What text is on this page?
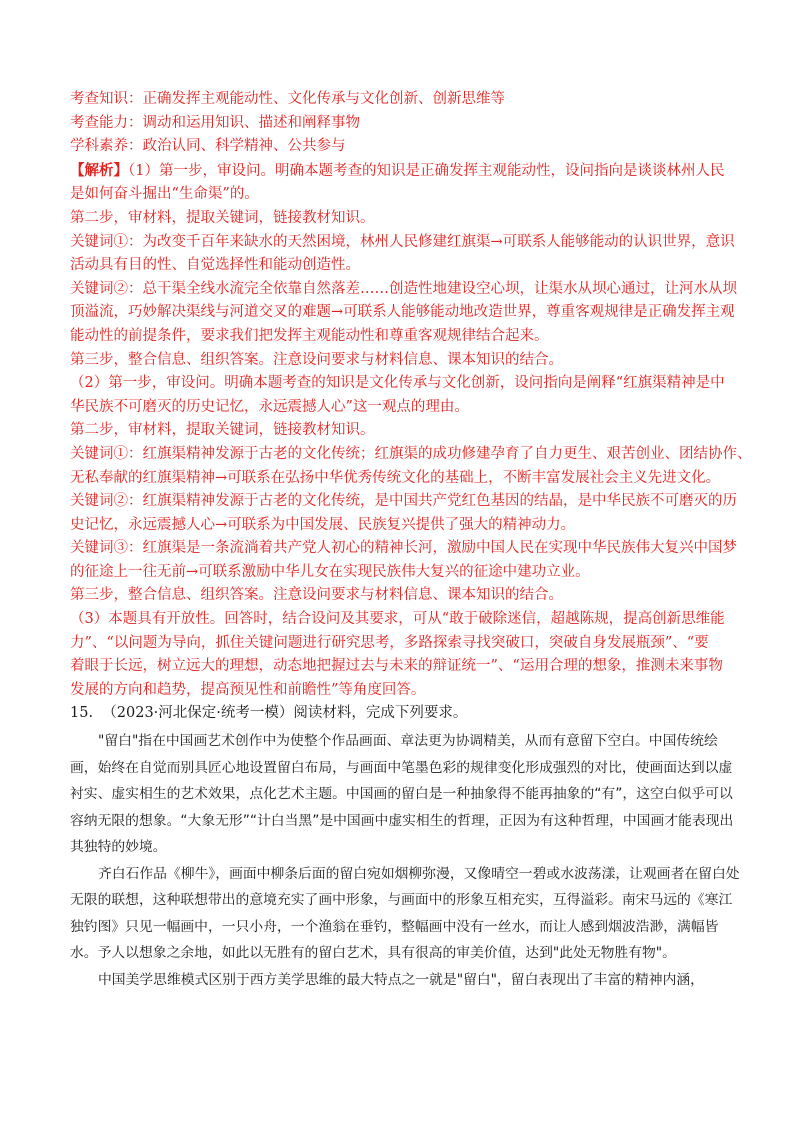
考查知识：正确发挥主观能动性、文化传承与文化创新、创新思维等
考查能力：调动和运用知识、描述和阐释事物
学科素养：政治认同、科学精神、公共参与
【解析】（1）第一步，审设问。明确本题考查的知识是正确发挥主观能动性，设问指向是谈谈林州人民
是如何奋斗掘出“生命渠”的。
第二步，审材料，提取关键词，链接教材知识。
关键词①：为改变千百年来缺水的天然困境，林州人民修建红旗渠→可联系人能够能动的认识世界，意识
活动具有目的性、自觉选择性和能动创造性。
关键词②：总干渠全线水流完全依靠自然落差……创造性地建设空心坝，让渠水从坝心通过，让河水从坝
顶溢流，巧妙解决渠线与河道交叉的难题→可联系人能够能动地改造世界，尊重客观规律是正确发挥主观
能动性的前提条件，要求我们把发挥主观能动性和尊重客观规律结合起来。
第三步，整合信息、组织答案。注意设问要求与材料信息、课本知识的结合。
（2）第一步，审设问。明确本题考查的知识是文化传承与文化创新，设问指向是阐释“红旗渠精神是中
华民族不可磨灭的历史记忆，永远震撼人心”这一观点的理由。
第二步，审材料，提取关键词，链接教材知识。
关键词①：红旗渠精神发源于古老的文化传统；红旗渠的成功修建孕育了自力更生、艰苦创业、团结协作、
无私奉献的红旗渠精神→可联系在弘扬中华优秀传统文化的基础上，不断丰富发展社会主义先进文化。
关键词②：红旗渠精神发源于古老的文化传统，是中国共产党红色基因的结晶，是中华民族不可磨灭的历
史记忆，永远震撼人心→可联系为中国发展、民族复兴提供了强大的精神动力。
关键词③：红旗渠是一条流淌着共产党人初心的精神长河，激励中国人民在实现中华民族伟大复兴中国梦
的征途上一往无前→可联系激励中华儿女在实现民族伟大复兴的征途中建功立业。
第三步，整合信息、组织答案。注意设问要求与材料信息、课本知识的结合。
（3）本题具有开放性。回答时，结合设问及其要求，可从“敢于破除迷信，超越陈规，提高创新思维能
力”、“以问题为导向，抓住关键问题进行研究思考，多路探索寻找突破口，突破自身发展瓶颈”、“要
着眼于长远，树立远大的理想，动态地把握过去与未来的辩证统一”、“运用合理的想象，推测未来事物
发展的方向和趋势，提高预见性和前瞻性”等角度回答。
15. （2023·河北保定·统考一模）阅读材料，完成下列要求。

"留白"指在中国画艺术创作中为使整个作品画面、章法更为协调精美，从而有意留下空白。中国传统绘画，始终在自觉而别具匠心地设置留白布局，与画面中笔墨色彩的规律变化形成强烈的对比，使画面达到以虚衬实、虚实相生的艺术效果，点化艺术主题。中国画的留白是一种抽象得不能再抽象的“有”，这空白似乎可以容纳无限的想象。“大象无形”“计白当黑”是中国画中虚实相生的哲理，正因为有这种哲理，中国画才能表现出其独特的妙境。

齐白石作品《柳牛》，画面中柳条后面的留白宛如烟柳弥漫，又像晴空一碧或水波荡漾，让观画者在留白处无限的联想，这种联想带出的意境充实了画中形象，与画面中的形象互相充实，互得溢彩。南宋马远的《寒江独钓图》只见一幅画中，一只小舟，一个渔翁在垂钓，整幅画中没有一丝水，而让人感到烟波浩渺，满幅皆水。予人以想象之余地，如此以无胜有的留白艺术，具有很高的审美价值，达到"此处无物胜有物"。

中国美学思维模式区别于西方美学思维的最大特点之一就是"留白"，留白表现出了丰富的精神内涵，
